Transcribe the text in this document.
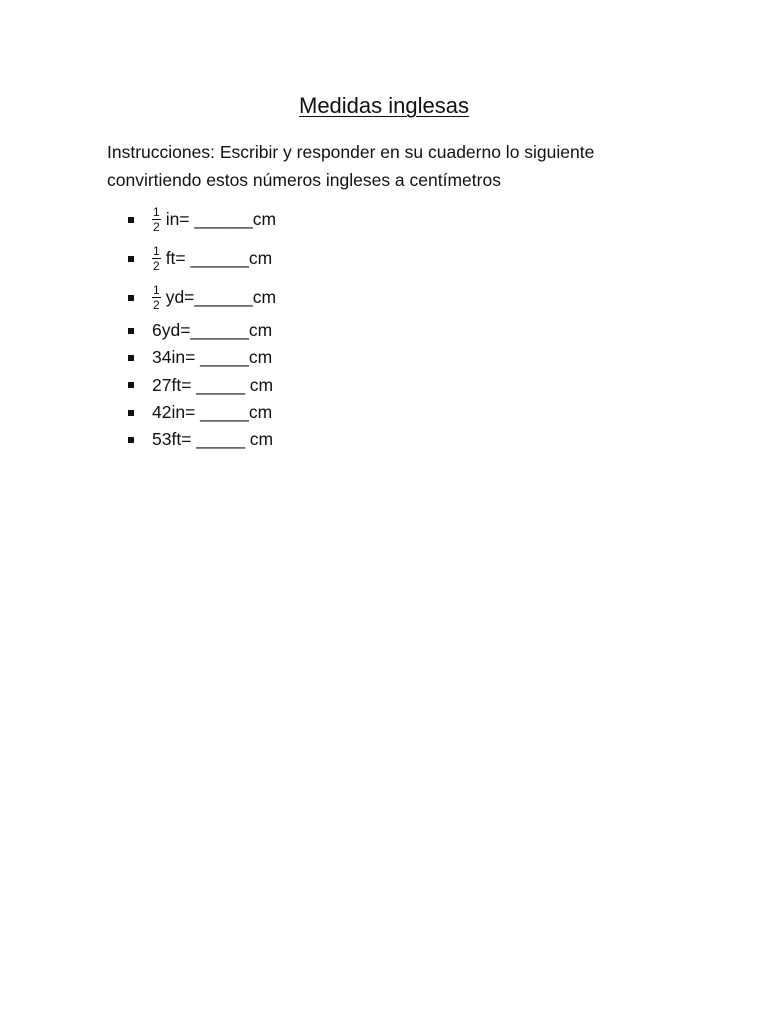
Medidas inglesas
Instrucciones: Escribir y responder en su cuaderno lo siguiente
convirtiendo estos números ingleses a centímetros
$\frac{1}{2} in=$ ______cm
$\frac{1}{2} ft=$ ______cm
$\frac{1}{2}$ yd=______cm
6yd=______cm
34in= _____cm
27ft= _____ cm
42in= _____cm
53ft= _____ cm
